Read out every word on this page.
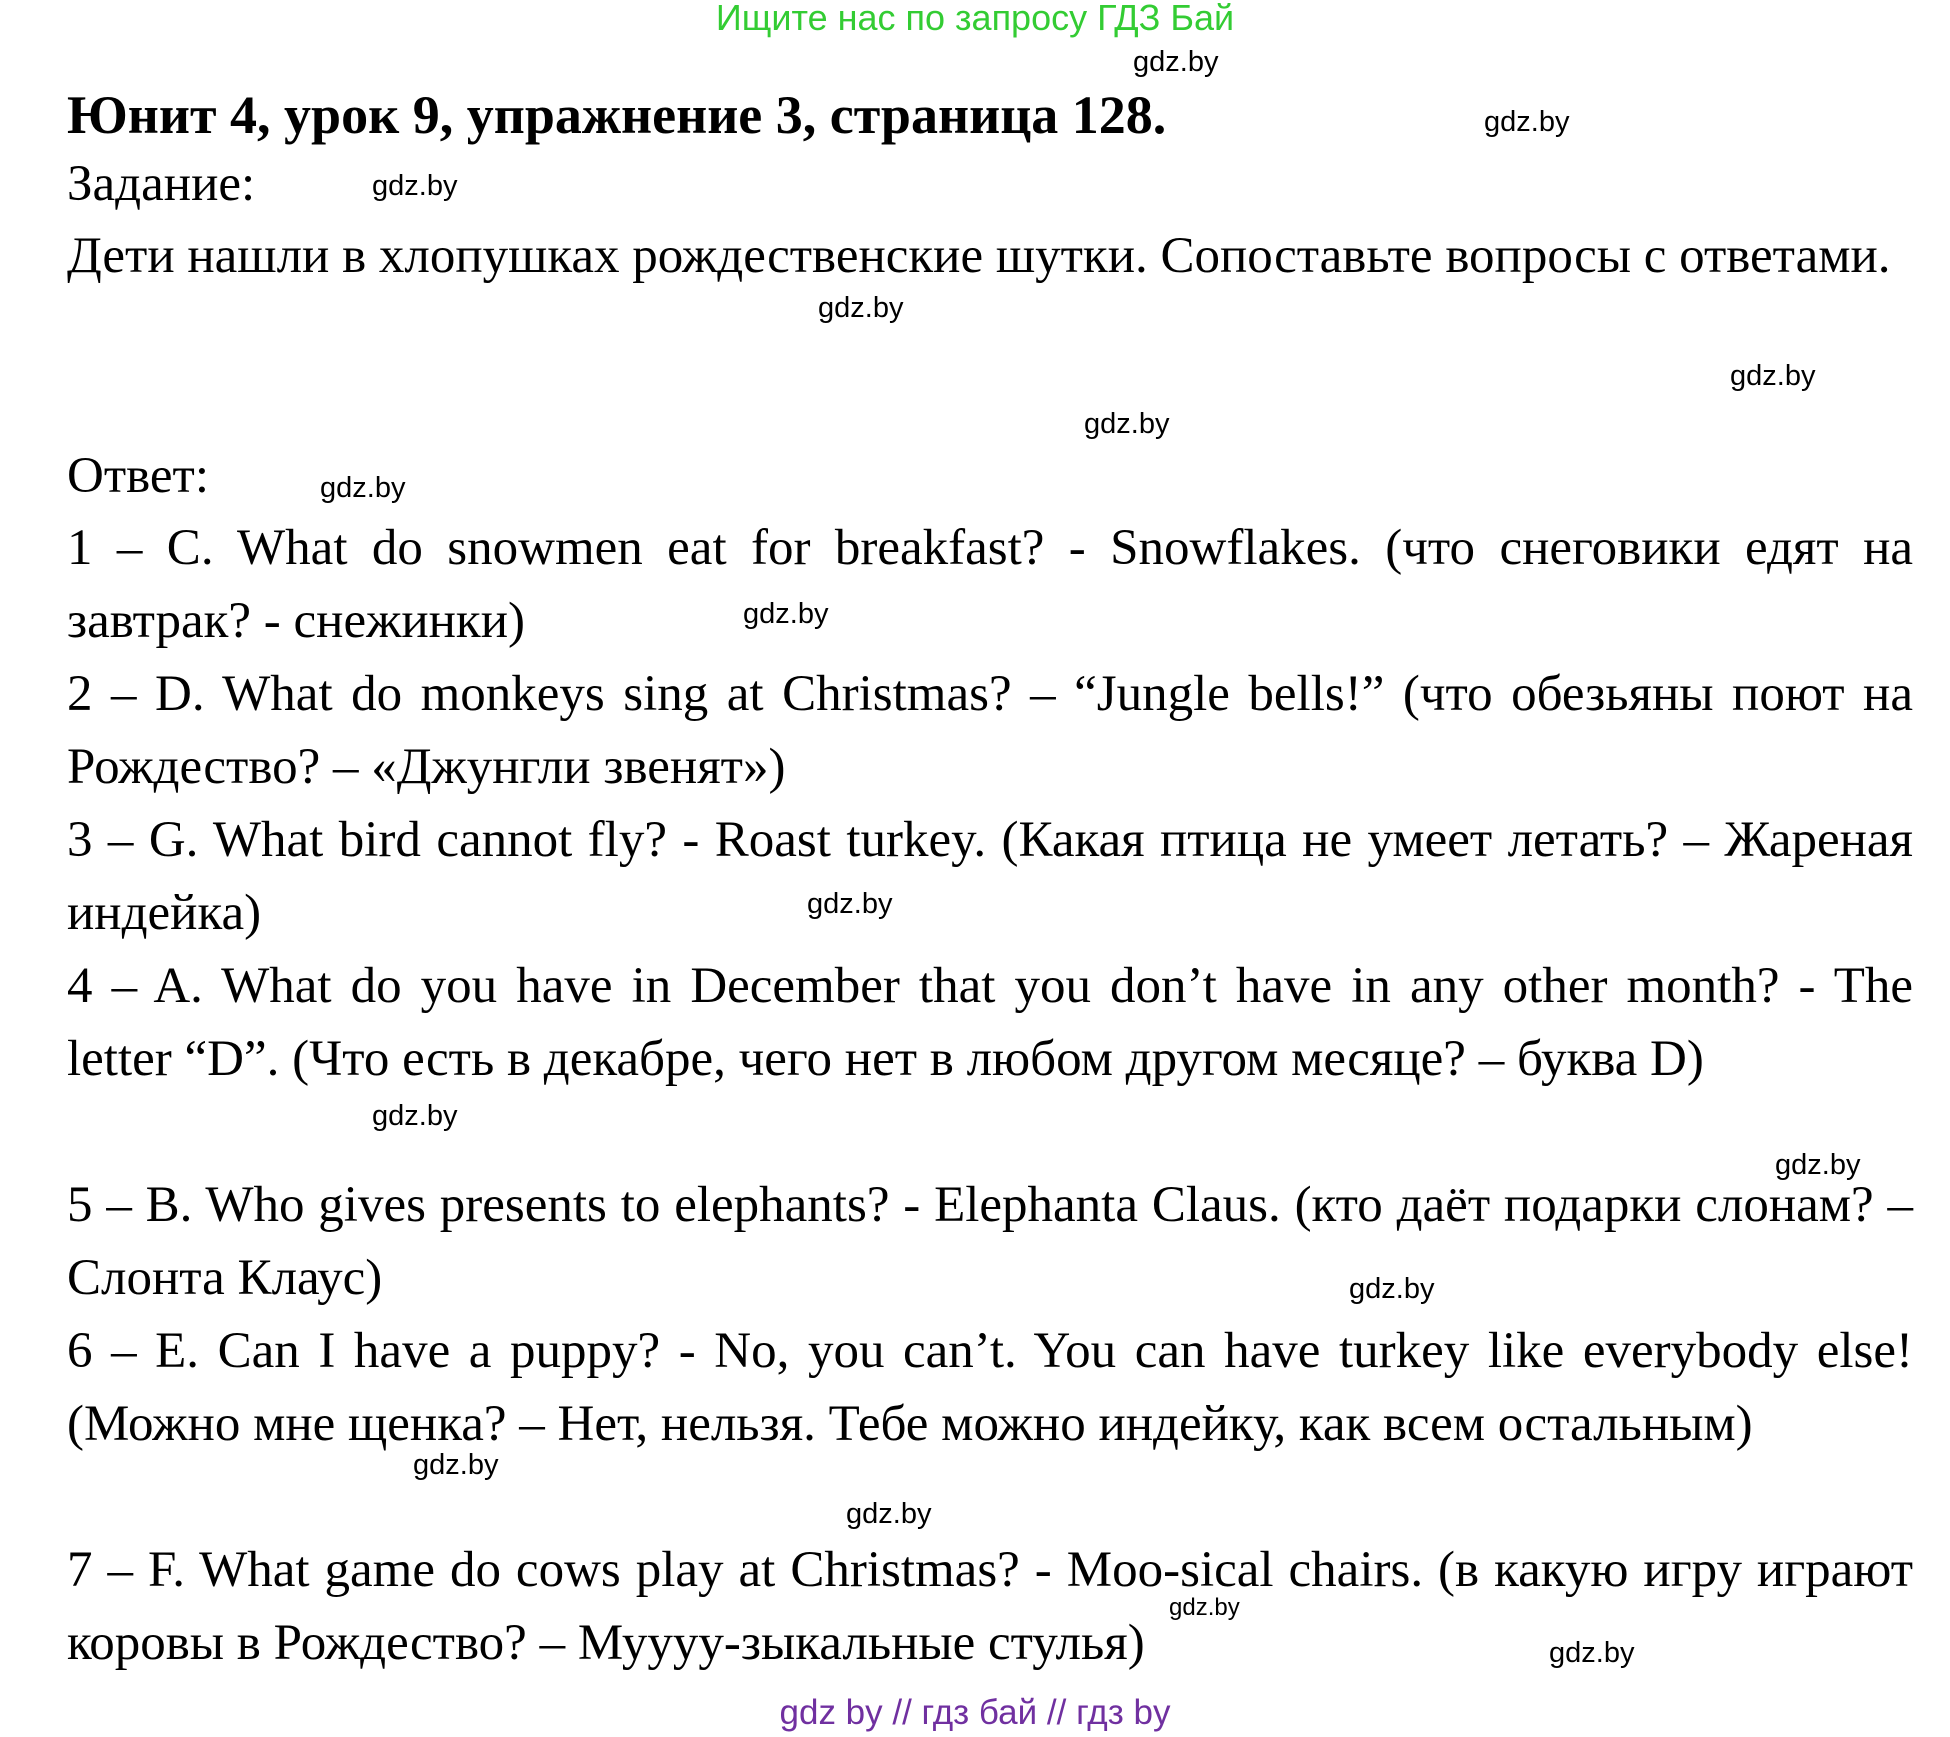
Ищите нас по запросу ГДЗ Бай
Юнит 4, урок 9, упражнение 3, страница 128.
Задание:
Дети нашли в хлопушках рождественские шутки. Сопоставьте вопросы с ответами.
Ответ:
1 – C. What do snowmen eat for breakfast? - Snowflakes. (что снеговики едят на завтрак? - снежинки)
2 – D. What do monkeys sing at Christmas? – “Jungle bells!” (что обезьяны поют на Рождество? – «Джунгли звенят»)
3 – G. What bird cannot fly? - Roast turkey. (Какая птица не умеет летать? – Жареная индейка)
4 – A. What do you have in December that you don’t have in any other month? - The letter “D”. (Что есть в декабре, чего нет в любом другом месяце? – буква D)
5 – B. Who gives presents to elephants? - Elephanta Claus. (кто даёт подарки слонам? – Слонта Клаус)
6 – E. Can I have a puppy? - No, you can’t. You can have turkey like everybody else! (Можно мне щенка? – Нет, нельзя. Тебе можно индейку, как всем остальным)
7 – F. What game do cows play at Christmas? - Moo-sical chairs. (в какую игру играют коровы в Рождество? – Муууу-зыкальные стулья)
gdz.by
gdz.by
gdz.by
gdz.by
gdz.by
gdz.by
gdz.by
gdz.by
gdz.by
gdz.by
gdz.by
gdz.by
gdz.by
gdz.by
gdz.by
gdz.by
gdz by // гдз бай // гдз by
